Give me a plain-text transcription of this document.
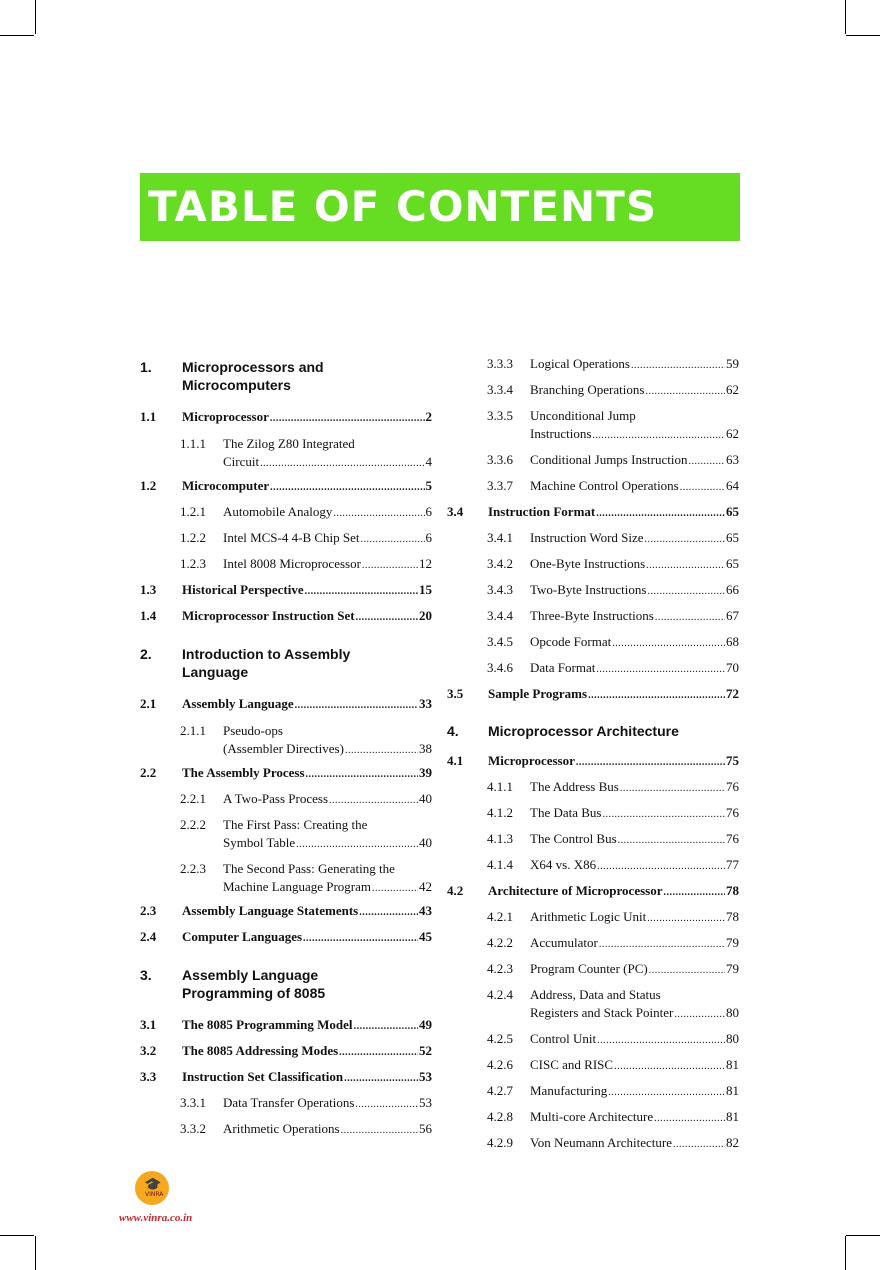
TABLE OF CONTENTS
1. Microprocessors and
Microcomputers
1.1 Microprocessor .....	2
1.1.1 The Zilog Z80 Integrated
Circuit .....	4
1.2 Microcomputer .....	5
1.2.1 Automobile Analogy .....	6
1.2.2 Intel MCS-4 4-B Chip Set .....	6
1.2.3 Intel 8008 Microprocessor .....	12
1.3 Historical Perspective .....	15
1.4 Microprocessor Instruction Set .....	20
2. Introduction to Assembly
Language
2.1 Assembly Language .....	33
2.1.1 Pseudo-ops
(Assembler Directives) .....	38
2.2 The Assembly Process .....	39
2.2.1 A Two-Pass Process .....	40
2.2.2 The First Pass: Creating the
Symbol Table .....	40
2.2.3 The Second Pass: Generating the
Machine Language Program .....	42
2.3 Assembly Language Statements .....	43
2.4 Computer Languages .....	45
3. Assembly Language
Programming of 8085
3.1 The 8085 Programming Model .....	49
3.2 The 8085 Addressing Modes .....	52
3.3 Instruction Set Classification .....	53
3.3.1 Data Transfer Operations .....	53
3.3.2 Arithmetic Operations .....	56
3.3.3 Logical Operations .....	59
3.3.4 Branching Operations .....	62
3.3.5 Unconditional Jump
Instructions .....	62
3.3.6 Conditional Jumps Instruction .....	63
3.3.7 Machine Control Operations .....	64
3.4 Instruction Format .....	65
3.4.1 Instruction Word Size .....	65
3.4.2 One-Byte Instructions .....	65
3.4.3 Two-Byte Instructions .....	66
3.4.4 Three-Byte Instructions .....	67
3.4.5 Opcode Format .....	68
3.4.6 Data Format .....	70
3.5 Sample Programs .....	72
4. Microprocessor Architecture
4.1 Microprocessor .....	75
4.1.1 The Address Bus .....	76
4.1.2 The Data Bus .....	76
4.1.3 The Control Bus .....	76
4.1.4 X64 vs. X86 .....	77
4.2 Architecture of Microprocessor .....	78
4.2.1 Arithmetic Logic Unit .....	78
4.2.2 Accumulator .....	79
4.2.3 Program Counter (PC) .....	79
4.2.4 Address, Data and Status
Registers and Stack Pointer .....	80
4.2.5 Control Unit .....	80
4.2.6 CISC and RISC .....	81
4.2.7 Manufacturing .....	81
4.2.8 Multi-core Architecture .....	81
4.2.9 Von Neumann Architecture .....	82
🎓
VINRA
www.vinra.co.in
